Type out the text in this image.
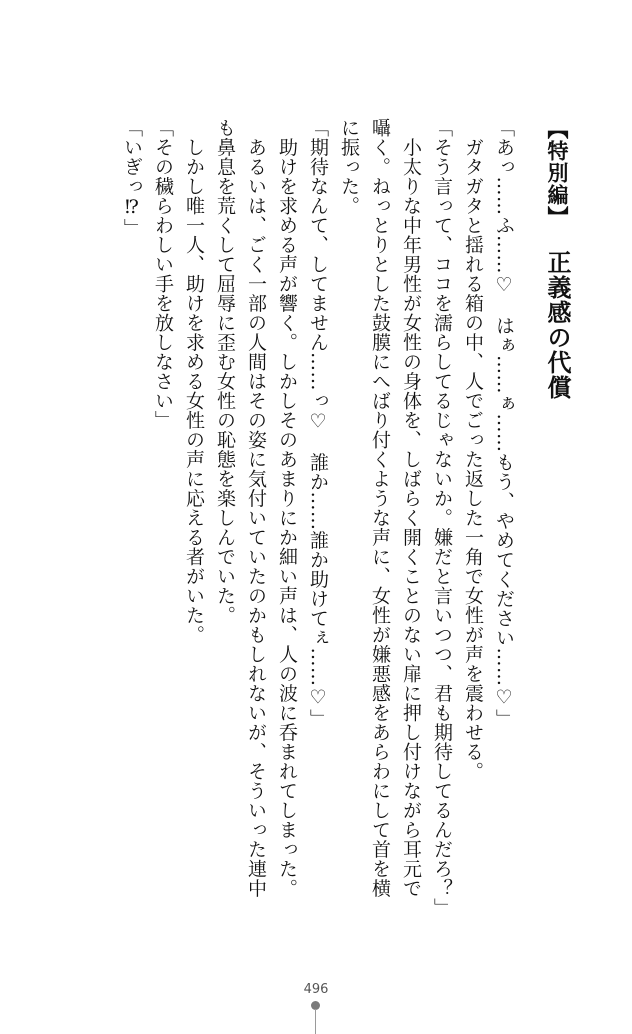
【特別編】正義感の代償
「あっ……ふ……♡　はぁ……ぁ……もう、やめてください……♡」
　ガタガタと揺れる箱の中、人でごった返した一角で女性が声を震わせる。
「そう言って、ココを濡らしてるじゃないか。嫌だと言いつつ、君も期待してるんだろ？」
　小太りな中年男性が女性の身体を、しばらく開くことのない扉に押し付けながら耳元で
囁く。ねっとりとした鼓膜にへばり付くような声に、女性が嫌悪感をあらわにして首を横
に振った。
「期待なんて、してません……っ♡　誰か……誰か助けてぇ……♡」
　助けを求める声が響く。しかしそのあまりにか細い声は、人の波に呑まれてしまった。
　あるいは、ごく一部の人間はその姿に気付いていたのかもしれないが、そういった連中
も鼻息を荒くして屈辱に歪む女性の恥態を楽しんでいた。
　しかし唯一人、助けを求める女性の声に応える者がいた。
「その穢らわしい手を放しなさい」
「いぎっ⁉」
496
